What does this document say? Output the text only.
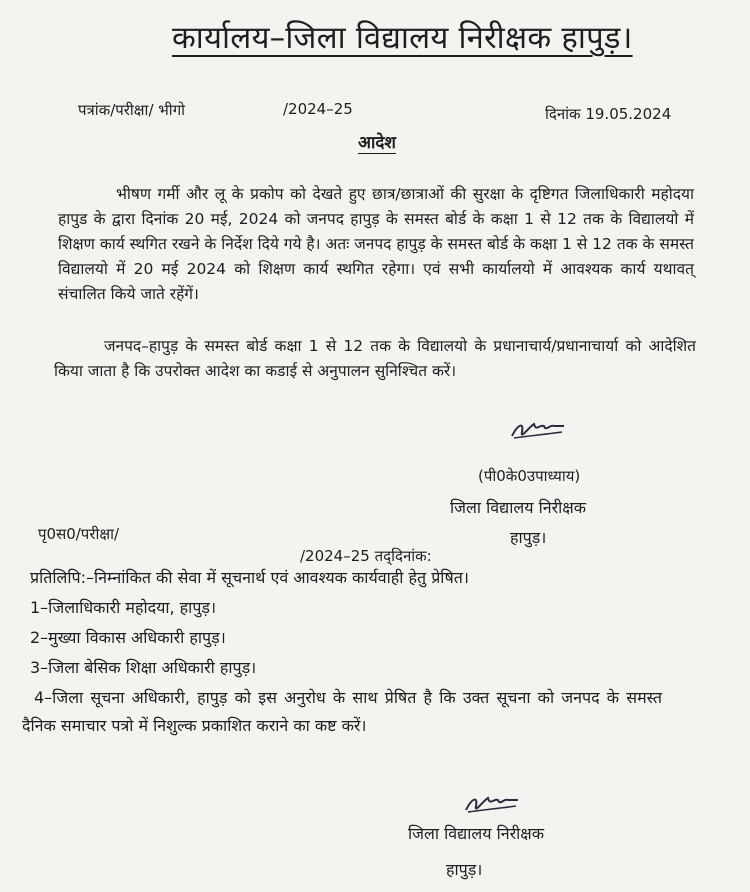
कार्यालय–जिला विद्यालय निरीक्षक हापुड़।
पत्रांक/परीक्षा/ भीगो	/2024–25	दिनांक 19.05.2024
आदेश

भीषण गर्मी और लू के प्रकोप को देखते हुए छात्र/छात्राओं की सुरक्षा के दृष्टिगत जिलाधिकारी महोदया हापुड के द्वारा दिनांक 20 मई, 2024 को जनपद हापुड़ के समस्त बोर्ड के कक्षा 1 से 12 तक के विद्यालयो में शिक्षण कार्य स्थगित रखने के निर्देश दिये गये है। अतः जनपद हापुड़ के समस्त बोर्ड के कक्षा 1 से 12 तक के समस्त विद्यालयो में 20 मई 2024 को शिक्षण कार्य स्थगित रहेगा। एवं सभी कार्यालयो में आवश्यक कार्य यथावत् संचालित किये जाते रहेंगें।

जनपद–हापुड़ के समस्त बोर्ड कक्षा 1 से 12 तक के विद्यालयो के प्रधानाचार्य/प्रधानाचार्या को आदेशित किया जाता है कि उपरोक्त आदेश का कडाई से अनुपालन सुनिश्चित करें।

(पी0के0उपाध्याय)
जिला विद्यालय निरीक्षक
हापुड़।
पृ0स0/परीक्षा/
/2024–25 तद्‌दिनांक:
प्रतिलिपि:–निम्नांकित की सेवा में सूचनार्थ एवं आवश्यक कार्यवाही हेतु प्रेषित।
1–जिलाधिकारी महोदया, हापुड़।
2–मुख्या विकास अधिकारी हापुड़।
3–जिला बेसिक शिक्षा अधिकारी हापुड़।

4–जिला सूचना अधिकारी, हापुड़ को इस अनुरोध के साथ प्रेषित है कि उक्त सूचना को जनपद के समस्त दैनिक समाचार पत्रो में निशुल्क प्रकाशित कराने का कष्ट करें।

जिला विद्यालय निरीक्षक
हापुड़।
